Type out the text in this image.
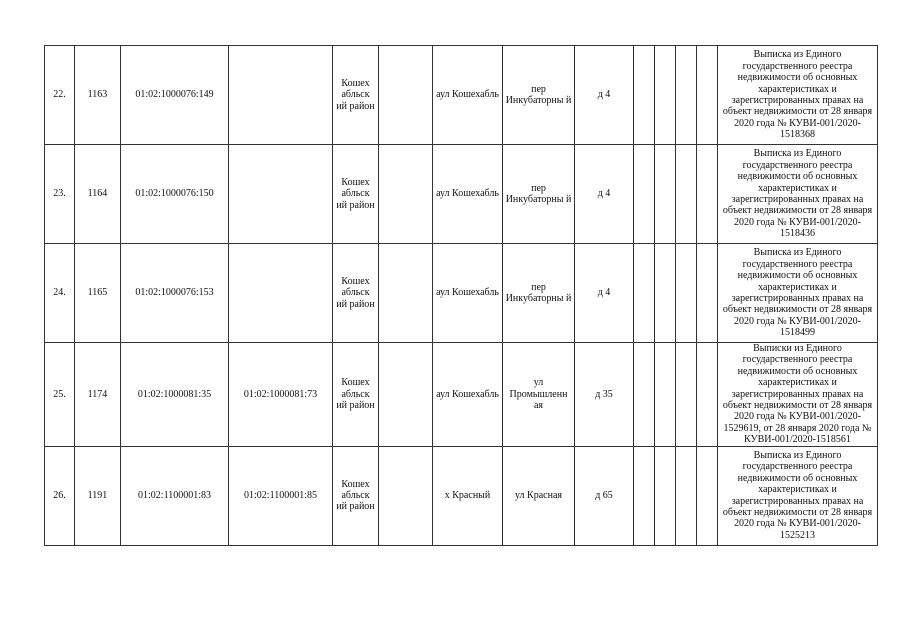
22.	1163	01:02:1000076:149		Кошех абльск ий район		аул Кошехабль	пер Инкубаторны й	д 4					Выписка из Единого государственного реестра недвижимости об основных характеристиках и зарегистрированных правах на объект недвижимости от 28 января 2020 года № КУВИ-001/2020-1518368
23.	1164	01:02:1000076:150		Кошех абльск ий район		аул Кошехабль	пер Инкубаторны й	д 4					Выписка из Единого государственного реестра недвижимости об основных характеристиках и зарегистрированных правах на объект недвижимости от 28 января 2020 года № КУВИ-001/2020-1518436
24.	1165	01:02:1000076:153		Кошех абльск ий район		аул Кошехабль	пер Инкубаторны й	д 4					Выписка из Единого государственного реестра недвижимости об основных характеристиках и зарегистрированных правах на объект недвижимости от 28 января 2020 года № КУВИ-001/2020-1518499
25.	1174	01:02:1000081:35	01:02:1000081:73	Кошех абльск ий район		аул Кошехабль	ул Промышленн ая	д 35					Выписки из Единого государственного реестра недвижимости об основных характеристиках и зарегистрированных правах на объект недвижимости от 28 января 2020 года № КУВИ-001/2020-1529619, от 28 января 2020 года № КУВИ-001/2020-1518561
26.	1191	01:02:1100001:83	01:02:1100001:85	Кошех абльск ий район		х Красный	ул Красная	д 65					Выписка из Единого государственного реестра недвижимости об основных характеристиках и зарегистрированных правах на объект недвижимости от 28 января 2020 года № КУВИ-001/2020-1525213
